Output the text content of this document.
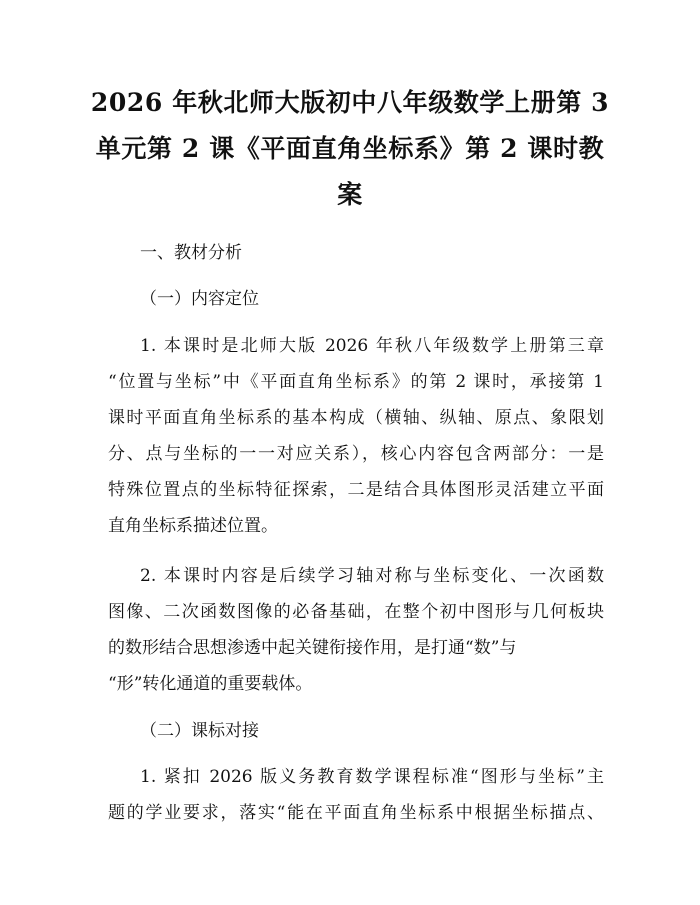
2026 年秋北师大版初中八年级数学上册第 3
单元第 2 课《平面直角坐标系》第 2 课时教
案
一、教材分析
（一）内容定位
1. 本课时是北师大版 2026 年秋八年级数学上册第三章
“位置与坐标”中《平面直角坐标系》的第 2 课时，承接第 1
课时平面直角坐标系的基本构成（横轴、纵轴、原点、象限划
分、点与坐标的一一对应关系），核心内容包含两部分：一是
特殊位置点的坐标特征探索，二是结合具体图形灵活建立平面
直角坐标系描述位置。
2. 本课时内容是后续学习轴对称与坐标变化、一次函数
图像、二次函数图像的必备基础，在整个初中图形与几何板块
的数形结合思想渗透中起关键衔接作用，是打通“数”与
“形”转化通道的重要载体。
（二）课标对接
1. 紧扣 2026 版义务教育数学课程标准“图形与坐标”主
题的学业要求，落实“能在平面直角坐标系中根据坐标描点、
